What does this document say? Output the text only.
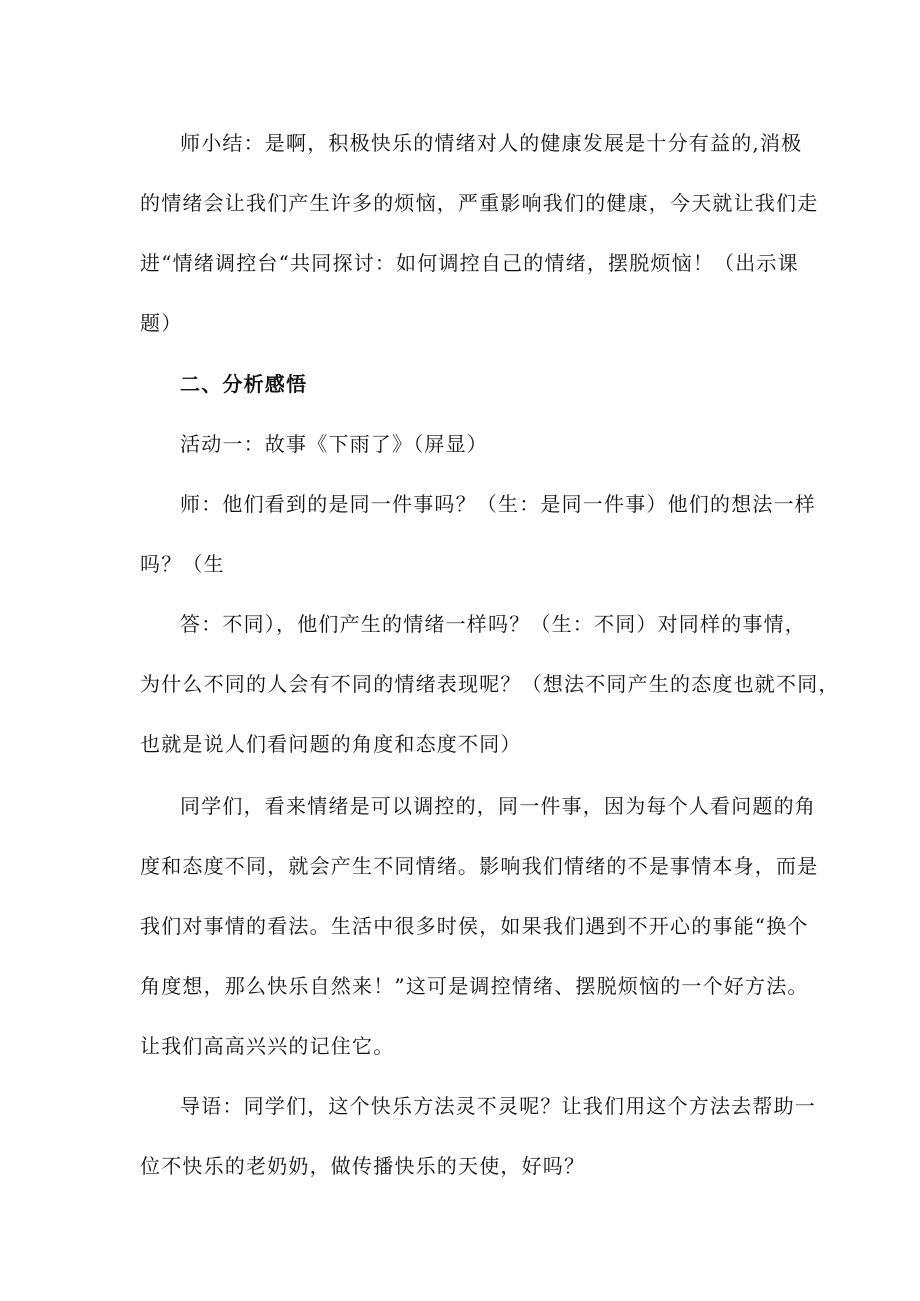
师小结：是啊，积极快乐的情绪对人的健康发展是十分有益的,消极
的情绪会让我们产生许多的烦恼，严重影响我们的健康，今天就让我们走
进“情绪调控台“共同探讨：如何调控自己的情绪，摆脱烦恼！（出示课
题）
二、分析感悟
活动一：故事《下雨了》（屏显）
师：他们看到的是同一件事吗？（生：是同一件事）他们的想法一样
吗？（生
答：不同），他们产生的情绪一样吗？（生：不同）对同样的事情，
为什么不同的人会有不同的情绪表现呢？（想法不同产生的态度也就不同，
也就是说人们看问题的角度和态度不同）
同学们，看来情绪是可以调控的，同一件事，因为每个人看问题的角
度和态度不同，就会产生不同情绪。影响我们情绪的不是事情本身，而是
我们对事情的看法。生活中很多时侯，如果我们遇到不开心的事能“换个
角度想，那么快乐自然来！”这可是调控情绪、摆脱烦恼的一个好方法。
让我们高高兴兴的记住它。
导语：同学们，这个快乐方法灵不灵呢？让我们用这个方法去帮助一
位不快乐的老奶奶，做传播快乐的天使，好吗？
